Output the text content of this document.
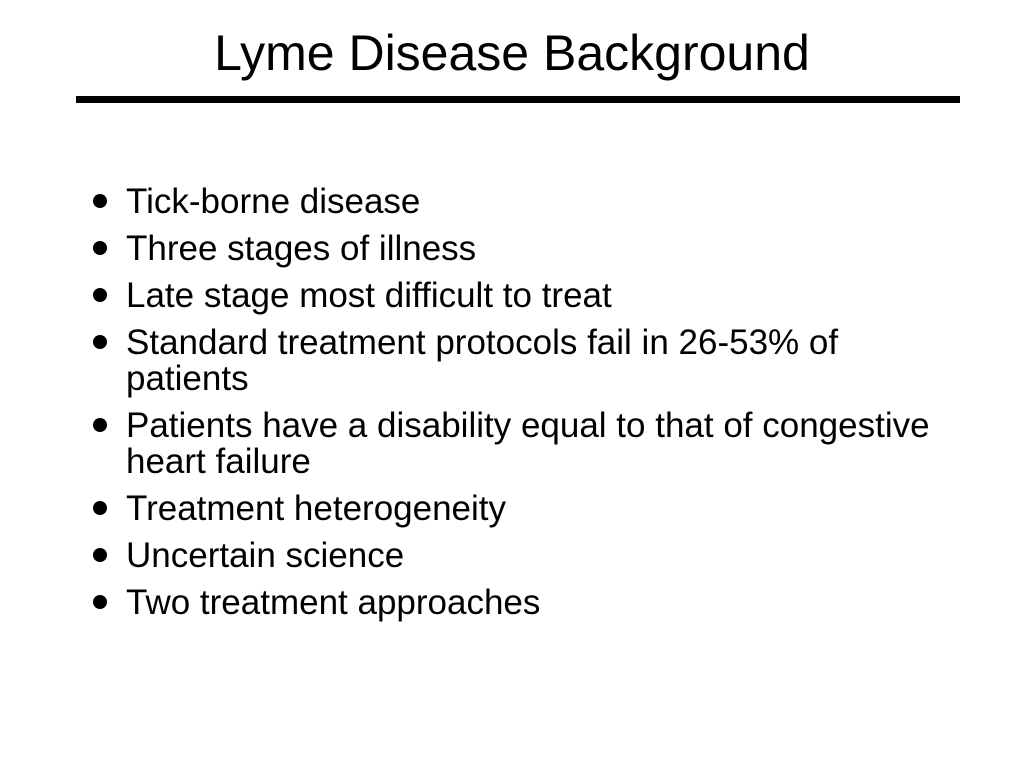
Lyme Disease Background
Tick-borne disease
Three stages of illness
Late stage most difficult to treat
Standard treatment protocols fail in 26-53% of patients
Patients have a disability equal to that of congestive heart failure
Treatment heterogeneity
Uncertain science
Two treatment approaches
